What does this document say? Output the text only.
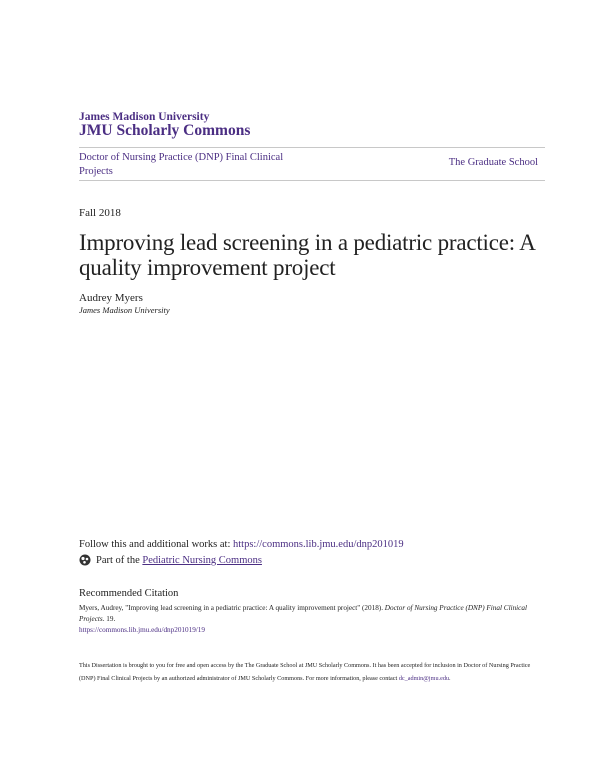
James Madison University
JMU Scholarly Commons
Doctor of Nursing Practice (DNP) Final Clinical
Projects
The Graduate School
Fall 2018
Improving lead screening in a pediatric practice: A
quality improvement project
Audrey Myers
James Madison University
Follow this and additional works at: https://commons.lib.jmu.edu/dnp201019
Part of the
Pediatric Nursing Commons
Recommended Citation
Myers, Audrey, "Improving lead screening in a pediatric practice: A quality improvement project" (2018). Doctor of Nursing Practice (DNP) Final Clinical Projects. 19.
https://commons.lib.jmu.edu/dnp201019/19
This Dissertation is brought to you for free and open access by the The Graduate School at JMU Scholarly Commons. It has been accepted for inclusion in Doctor of Nursing Practice (DNP) Final Clinical Projects by an authorized administrator of JMU Scholarly Commons. For more information, please contact dc_admin@jmu.edu.
